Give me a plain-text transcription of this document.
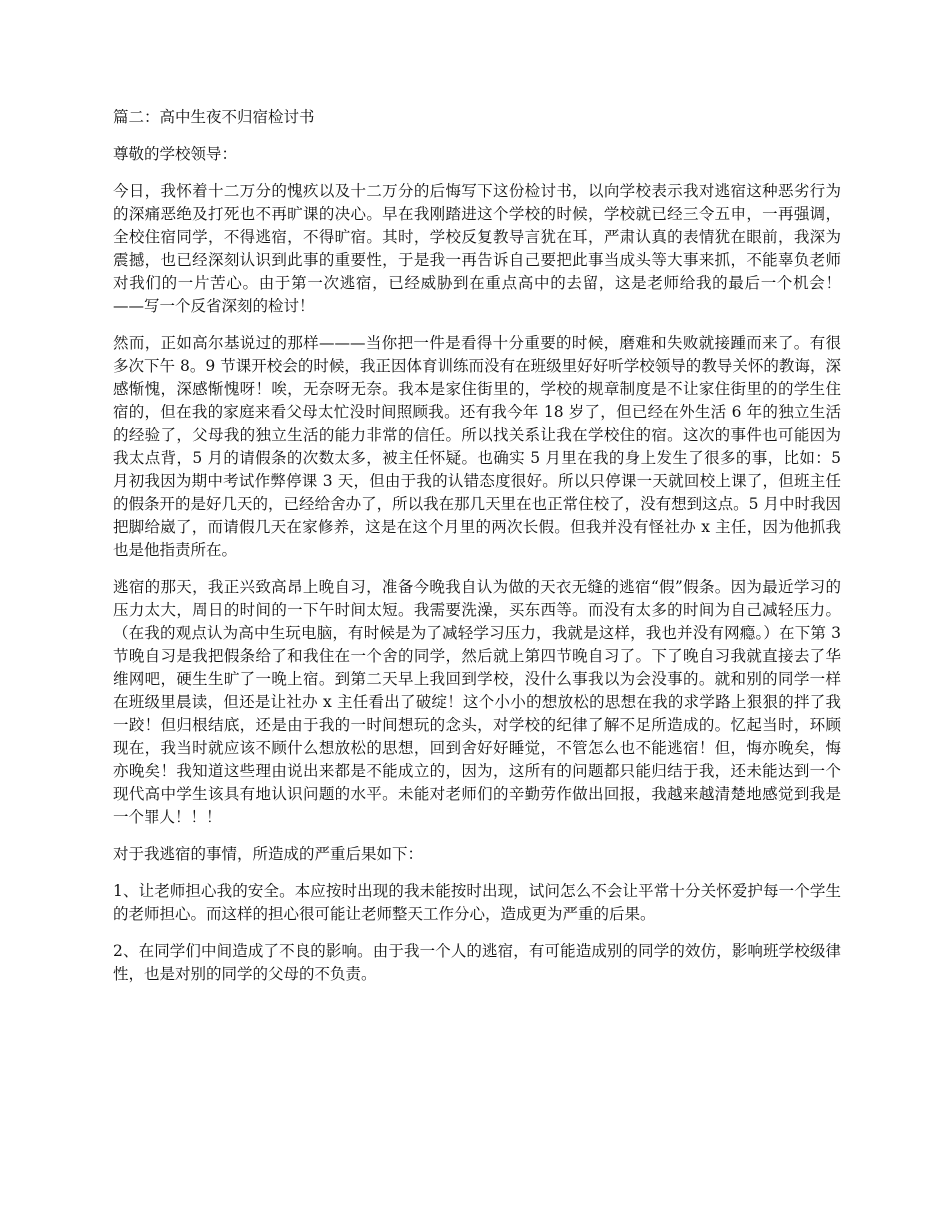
篇二：高中生夜不归宿检讨书

尊敬的学校领导：

今日，我怀着十二万分的愧疚以及十二万分的后悔写下这份检讨书，以向学校表示我对逃宿这种恶劣行为的深痛恶绝及打死也不再旷课的决心。早在我刚踏进这个学校的时候，学校就已经三令五申，一再强调，全校住宿同学，不得逃宿，不得旷宿。其时，学校反复教导言犹在耳，严肃认真的表情犹在眼前，我深为震撼，也已经深刻认识到此事的重要性，于是我一再告诉自己要把此事当成头等大事来抓，不能辜负老师对我们的一片苦心。由于第一次逃宿，已经威胁到在重点高中的去留，这是老师给我的最后一个机会！——写一个反省深刻的检讨！

然而，正如高尔基说过的那样———当你把一件是看得十分重要的时候，磨难和失败就接踵而来了。有很多次下午 8。9 节课开校会的时候，我正因体育训练而没有在班级里好好听学校领导的教导关怀的教诲，深感惭愧，深感惭愧呀！唉，无奈呀无奈。我本是家住街里的，学校的规章制度是不让家住街里的的学生住宿的，但在我的家庭来看父母太忙没时间照顾我。还有我今年 18 岁了，但已经在外生活 6 年的独立生活的经验了，父母我的独立生活的能力非常的信任。所以找关系让我在学校住的宿。这次的事件也可能因为我太点背，5 月的请假条的次数太多，被主任怀疑。也确实 5 月里在我的身上发生了很多的事，比如：5 月初我因为期中考试作弊停课 3 天，但由于我的认错态度很好。所以只停课一天就回校上课了，但班主任的假条开的是好几天的，已经给舍办了，所以我在那几天里在也正常住校了，没有想到这点。5 月中时我因把脚给崴了，而请假几天在家修养，这是在这个月里的两次长假。但我并没有怪社办 x 主任，因为他抓我也是他指责所在。

逃宿的那天，我正兴致高昂上晚自习，准备今晚我自认为做的天衣无缝的逃宿“假”假条。因为最近学习的压力太大，周日的时间的一下午时间太短。我需要洗澡，买东西等。而没有太多的时间为自己减轻压力。（在我的观点认为高中生玩电脑，有时候是为了减轻学习压力，我就是这样，我也并没有网瘾。）在下第 3 节晚自习是我把假条给了和我住在一个舍的同学，然后就上第四节晚自习了。下了晚自习我就直接去了华维网吧，硬生生旷了一晚上宿。到第二天早上我回到学校，没什么事我以为会没事的。就和别的同学一样在班级里晨读，但还是让社办 x 主任看出了破绽！这个小小的想放松的思想在我的求学路上狠狠的拌了我一跤！但归根结底，还是由于我的一时间想玩的念头，对学校的纪律了解不足所造成的。忆起当时，环顾现在，我当时就应该不顾什么想放松的思想，回到舍好好睡觉，不管怎么也不能逃宿！但，悔亦晚矣，悔亦晚矣！我知道这些理由说出来都是不能成立的，因为，这所有的问题都只能归结于我，还未能达到一个现代高中学生该具有地认识问题的水平。未能对老师们的辛勤劳作做出回报，我越来越清楚地感觉到我是一个罪人！！！

对于我逃宿的事情，所造成的严重后果如下：

1、让老师担心我的安全。本应按时出现的我未能按时出现，试问怎么不会让平常十分关怀爱护每一个学生的老师担心。而这样的担心很可能让老师整天工作分心，造成更为严重的后果。

2、在同学们中间造成了不良的影响。由于我一个人的逃宿，有可能造成别的同学的效仿，影响班学校级律性，也是对别的同学的父母的不负责。
